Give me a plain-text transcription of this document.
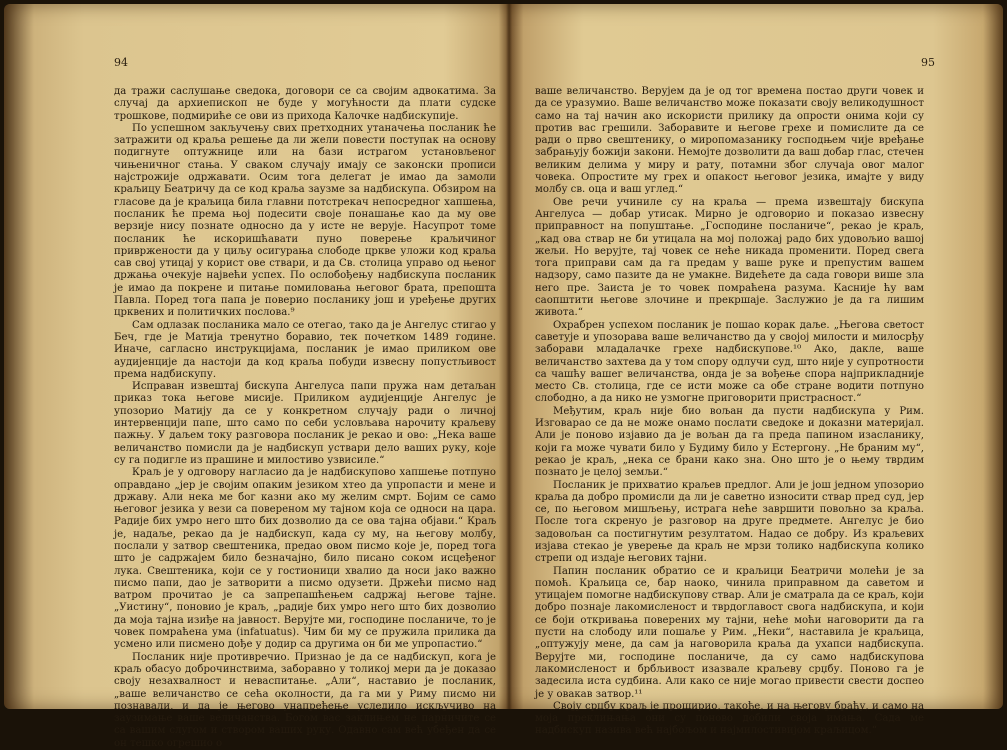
94

да тражи саслушање сведока, договори се са својим адвокатима. За случај да архиепископ не буде у могућности да плати судске трошкове, подмириће се ови из прихода Калочке надбискупије.

По успешном закључењу свих претходних утаначења посланик ће затражити од краља решење да ли жели повести поступак на основу подигнуте оптужнице или на бази истрагом установљеног чињеничног стања. У сваком случају имају се законски прописи најстрожије одржавати. Осим тога делегат је имао да замоли краљицу Беатричу да се код краља заузме за надбискупа. Обзиром на гласове да је краљица била главни потстрекач непосредног хапшења, посланик ће према њој подесити своје понашање као да му ове верзије нису познате односно да у исте не верује. Насупрот томе посланик ће искоришћавати пуно поверење краљичиног привржености да у циљу осигурања слободе цркве уложи код краља сав свој утицај у корист ове ствари, и да Св. столица управо од њеног држања очекује највећи успех. По ослобођењу надбискупа посланик је имао да покрене и питање помиловања његовог брата, препошта Павла. Поред тога папа је поверио посланику још и уређење других црквених и политичких послова.⁹

Сам одлазак посланика мало се отегао, тако да је Ангелус стигао у Беч, где је Матија тренутно боравио, тек почетком 1489 године. Иначе, сагласно инструкцијама, посланик је имао приликом ове аудијенције да настоји да код краља побуди извесну попустљивост према надбискупу.

Исправан извештај бискупа Ангелуса папи пружа нам детаљан приказ тока његове мисије. Приликом аудијенције Ангелус је упозорио Матију да се у конкретном случају ради о личној интервенцији папе, што само по себи условљава нарочиту краљеву пажњу. У даљем току разговора посланик је рекао и ово: „Нека ваше величанство помисли да је надбискуп уствари дело ваших руку, које су га подигле из прашине и милостиво узвисиле.“

Краљ је у одговору нагласио да је надбискупово хапшење потпуно оправдано „јер је својим опаким језиком хтео да упропасти и мене и државу. Али нека ме бог казни ако му желим смрт. Бојим се само његовог језика у вези са повереном му тајном која се односи на цара. Радије бих умро него што бих дозволио да се ова тајна објави.“ Краљ је, надаље, рекао да је надбискуп, када су му, на његову молбу, послали у затвор свештеника, предао овом писмо које је, поред тога што је садржајем било безначајно, било писано соком исцеђеног лука. Свештеника, који се у гостионици хвалио да носи јако важно писмо папи, дао је затворити а писмо одузети. Држећи писмо над ватром прочитао је са запрепашћењем садржај његове тајне. „Уистину“, поновио је краљ, „радије бих умро него што бих дозволио да моја тајна изиђе на јавност. Верујте ми, господине посланиче, то је човек помраћена ума (infatuatus). Чим би му се пружила прилика да усмено или писмено дође у додир са другима он би ме упропастио.“

Посланик није противречио. Признао је да се надбискуп, кога је краљ обасуо доброчинствима, заборавно у толикој мери да је доказао своју незахвалност и неваспитање. „Али“, наставио је посланик, „ваше величанство се сећа околности, да га ми у Риму писмо ни познавали, и да је његово унапређење уследило искључиво на заузимање ваше величанства. Богом вас заклињем не парничите се са вашим слугом и створом ваших руку. Одавно сам већ убеђен да се он тешко огрешио о

95

ваше величанство. Верујем да је од тог времена постао други човек и да се уразумио. Ваше величанство може показати своју великодушност само на тај начин ако искористи прилику да опрости онима који су против вас грешили. Заборавите и његове грехе и помислите да се ради о прво свештенику, о миропомазанику господњем чије вређање забрањују божији закони. Немојте дозволити да ваш добар глас, стечен великим делима у миру и рату, потамни због случаја овог малог човека. Опростите му грех и опакост његовог језика, имајте у виду молбу св. оца и ваш углед.“

Ове речи учиниле су на краља — према извештају бискупа Ангелуса — добар утисак. Мирно је одговорио и показао извесну приправност на попуштање. „Господине посланиче“, рекао је краљ, „кад ова ствар не би утицала на мој положај радо бих удовољио вашој жељи. Но верујте, тај човек се неће никада променити. Поред свега тога приправи сам да га предам у ваше руке и препустим вашем надзору, само пазите да не умакне. Видећете да сада говори више зла него пре. Заиста је то човек помраћена разума. Касније ћу вам саопштити његове злочине и прекршаје. Заслужио је да га лишим живота.“

Охрабрен успехом посланик је пошао корак даље. „Његова светост саветује и упозорава ваше величанство да у својој милости и милосрђу заборави младалачке грехе надбискупове.¹⁰ Ако, дакле, ваше величанство захтева да у том спору одлучи суд, што није у супротности са чашћу вашег величанства, онда је за вођење спора најприкладније место Св. столица, где се исти може са обе стране водити потпуно слободно, а да нико не узмогне приговорити пристрасност.“

Међутим, краљ није био вољан да пусти надбискупа у Рим. Изговарао се да не може онамо послати сведоке и доказни материјал. Али је поново изјавио да је вољан да га преда папином изасланику, који га може чувати било у Будиму било у Естергону. „Не браним му“, рекао је краљ, „нека се брани како зна. Оно што је о њему тврдим познато је целој земљи.“

Посланик је прихватио краљев предлог. Али је још једном упозорио краља да добро промисли да ли је саветно износити ствар пред суд, јер се, по његовом мишљењу, истрага неће завршити повољно за краља. После тога скренуо је разговор на друге предмете. Ангелус је био задовољан са постигнутим резултатом. Надао се добру. Из краљевих изјава стекао је уверење да краљ не мрзи толико надбискупа колико стрепи од издаје његових тајни.

Папин посланик обратио се и краљици Беатричи молећи је за помоћ. Краљица се, бар наоко, чинила приправном да саветом и утицајем помогне надбискупову ствар. Али је сматрала да се краљ, који добро познаје лакомисленост и тврдоглавост свога надбискупа, и који се боји откривања поверених му тајни, неће моћи наговорити да га пусти на слободу или пошаље у Рим. „Неки“, наставила је краљица, „оптужују мене, да сам ја наговорила краља да ухапси надбискупа. Верујте ми, господине посланиче, да су само надбискупова лакомисленост и брбљивост изазвале краљеву срџбу. Поново га је задесила иста судбина. Али како се није могао привести свести доспео је у овакав затвор.¹¹

Своју срџбу краљ је проширио, такође, и на његову браћу, и само на моја преклињања они су поново добили своја имања. Сада ме надбискуп назива већ најбољом и најмилостивијом краљицом.“
